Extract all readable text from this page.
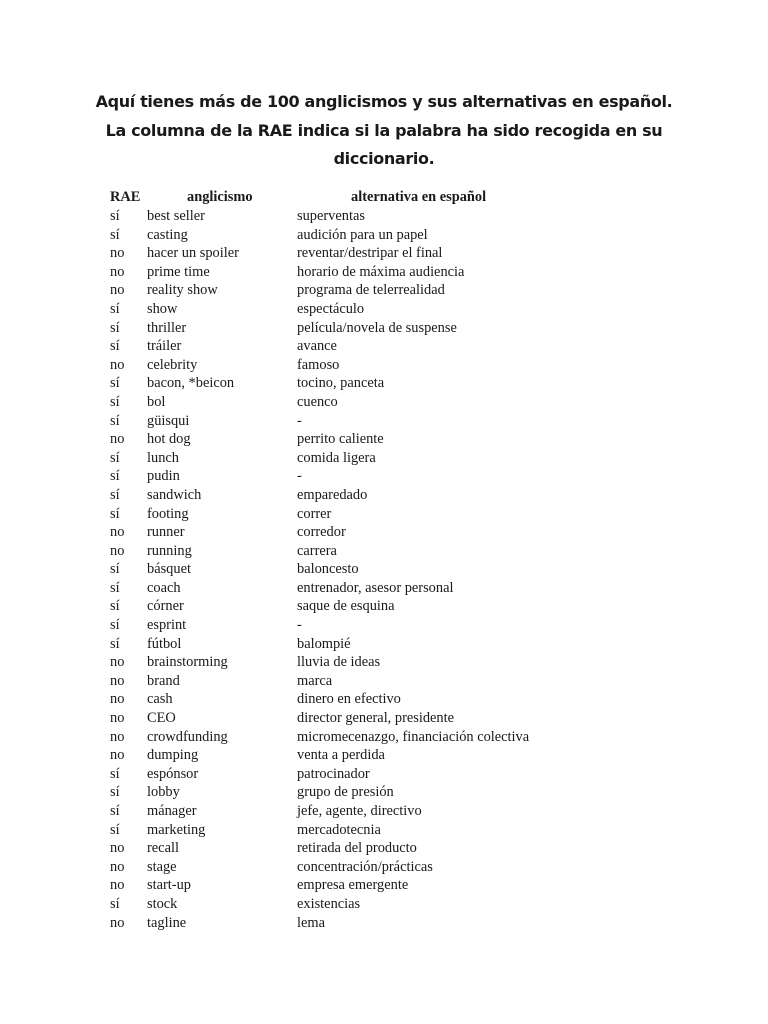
Aquí tienes más de 100 anglicismos y sus alternativas en español.
La columna de la RAE indica si la palabra ha sido recogida en su
diccionario.
RAE	anglicismo	alternativa en español
sí	best seller	superventas
sí	casting	audición para un papel
no	hacer un spoiler	reventar/destripar el final
no	prime time	horario de máxima audiencia
no	reality show	programa de telerrealidad
sí	show	espectáculo
sí	thriller	película/novela de suspense
sí	tráiler	avance
no	celebrity	famoso
sí	bacon, *beicon	tocino, panceta
sí	bol	cuenco
sí	güisqui	-
no	hot dog	perrito caliente
sí	lunch	comida ligera
sí	pudin	-
sí	sandwich	emparedado
sí	footing	correr
no	runner	corredor
no	running	carrera
sí	básquet	baloncesto
sí	coach	entrenador, asesor personal
sí	córner	saque de esquina
sí	esprint	-
sí	fútbol	balompié
no	brainstorming	lluvia de ideas
no	brand	marca
no	cash	dinero en efectivo
no	CEO	director general, presidente
no	crowdfunding	micromecenazgo, financiación colectiva
no	dumping	venta a perdida
sí	espónsor	patrocinador
sí	lobby	grupo de presión
sí	mánager	jefe, agente, directivo
sí	marketing	mercadotecnia
no	recall	retirada del producto
no	stage	concentración/prácticas
no	start-up	empresa emergente
sí	stock	existencias
no	tagline	lema
